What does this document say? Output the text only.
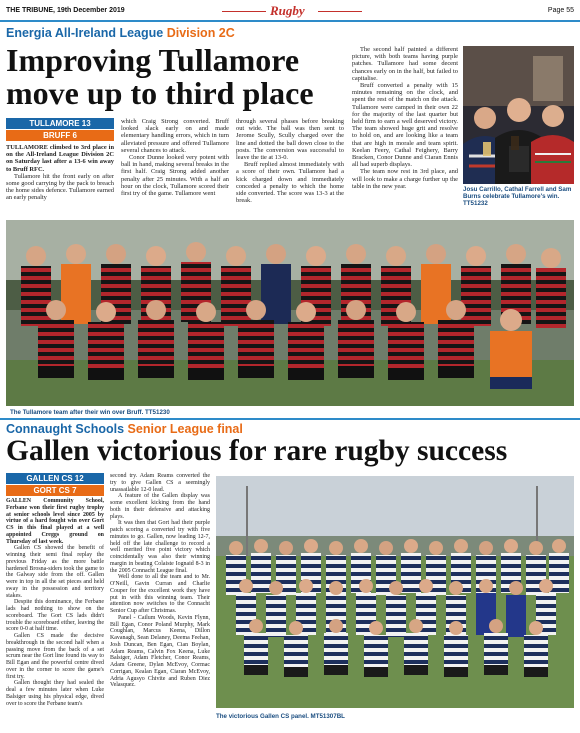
THE TRIBUNE, 19th December 2019	Rugby	Page 55
Energia All-Ireland League Division 2C
Improving Tullamore
move up to third place
TULLAMORE 13
BRUFF 6

TULLAMORE climbed to 3rd place in on the All-Ireland League Division 2C on Saturday last after a 13-6 win away to Bruff RFC.

Tullamore hit the front early on after some good carrying by the pack to breach the home sides defence. Tullamore earned an early penalty

which Craig Strong converted. Bruff looked slack early on and made elementary handling errors, which in turn alleviated pressure and offered Tullamore several chances to attack.

Conor Dunne looked very potent with ball in hand, making several breaks in the first half. Craig Strong added another penalty after 25 minutes. With a half an hour on the clock, Tullamore scored their first try of the game. Tullamore went

through several phases before breaking out wide. The ball was then sent to Jerome Scully, Scully charged over the line and dotted the ball down close to the posts. The conversion was successful to leave the tie at 13-0.

Bruff replied almost immediately with a score of their own. Tullamore had a kick charged down and immediately conceded a penalty to which the home side converted. The score was 13-3 at the break.

The second half painted a different picture, with both teams having purple patches. Tullamore had some decent chances early on in the half, but failed to capitalise.

Bruff converted a penalty with 15 minutes remaining on the clock, and spent the rest of the match on the attack. Tullamore were camped in their own 22 for the majority of the last quarter but held firm to earn a well deserved victory. The team showed huge grit and resolve to hold on, and are looking like a team that are high in morale and team spirit. Keelan Feery, Cathal Feighery, Barry Bracken, Conor Dunne and Ciaran Ennis all had superb displays.

The team now rest in 3rd place, and will look to make a charge further up the table in the new year.	Josu Carrillo, Cathal Farrell and Sam Burns celebrate Tullamore's win. TT51232
The Tullamore team after their win over Bruff. TT51230
Connaught Schools Senior League final
Gallen victorious for rare rugby success
GALLEN CS 12
GORT CS 7

GALLEN Community School, Ferbane won their first rugby trophy at senior schools level since 2005 by virtue of a hard fought win over Gort CS in this final played at a well appointed Creggs ground on Thursday of last week.

Gallen CS showed the benefit of winning their semi final replay the previous Friday as the more battle hardened Brosna-siders took the game to the Galway side from the off. Gallen were in top in all the set pieces and held sway in the possession and territory stakes.

Despite this dominance, the Ferbane lads had nothing to show on the scoreboard. The Gort CS lads didn't trouble the scoreboard either, leaving the score 0-0 at half time.

Gallen CS made the decisive breakthrough in the second half when a passing move from the back of a set scrum near the Gort line found its way to Bill Egan and the powerful centre dived over in the corner to score the game's first try.

Gallen thought they had sealed the deal a few minutes later when Luke Balsiger using his physical edge, dived over to score the Ferbane team's

second try. Adam Reams converted the try to give Gallen CS a seemingly unassailable 12-0 lead.

A feature of the Gallen display was some excellent kicking from the hand both in their defensive and attacking plays.

It was then that Gort had their purple patch scoring a converted try with five minutes to go. Gallen, now leading 12-7, held off the late challenge to record a well merited five point victory which coincidentally was also their winning margin in beating Colaiste Iognaid 8-3 in the 2005 Connacht League final.

Well done to all the team and to Mr. O'Neill, Gavin Curran and Charlie Couper for the excellent work they have put in with this winning team. Their attention now switches to the Connacht Senior Cup after Christmas.

Panel - Cailum Woods, Kevin Flynn, Bill Egan, Conor Poland Murphy, Mark Coughlan, Marcus Keena, Dillon Kavanagh, Sean Delaney, Deema Feehan, Josh Duncan, Ben Egan, Cian Boylan, Adam Reams, Calvin Fox Keena, Luke Balsiger, Adam Fletcher, Conor Reams, Adam Greene, Dylan McEvoy, Cormac Corrigan, Kealan Egan, Ciaran McEvoy, Adria Agusyo Chivite and Ruben Diez Velasquez.

The victorious Gallen CS panel. MT51307BL
